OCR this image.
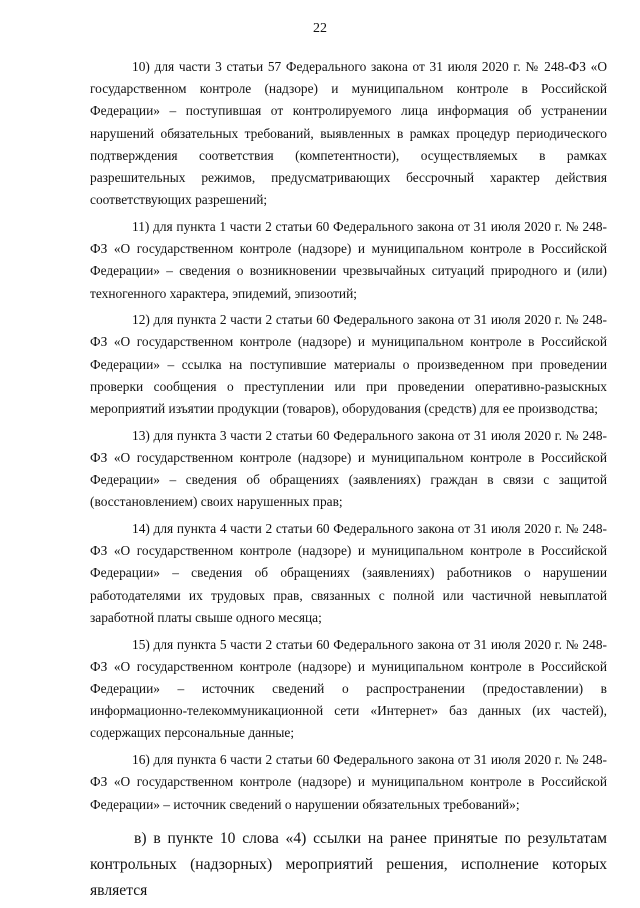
22

10) для части 3 статьи 57 Федерального закона от 31 июля 2020 г. № 248-ФЗ «О государственном контроле (надзоре) и муниципальном контроле в Российской Федерации» – поступившая от контролируемого лица информация об устранении нарушений обязательных требований, выявленных в рамках процедур периодического подтверждения соответствия (компетентности), осуществляемых в рамках разрешительных режимов, предусматривающих бессрочный характер действия соответствующих разрешений;

11) для пункта 1 части 2 статьи 60 Федерального закона от 31 июля 2020 г. № 248-ФЗ «О государственном контроле (надзоре) и муниципальном контроле в Российской Федерации» – сведения о возникновении чрезвычайных ситуаций природного и (или) техногенного характера, эпидемий, эпизоотий;

12) для пункта 2 части 2 статьи 60 Федерального закона от 31 июля 2020 г. № 248-ФЗ «О государственном контроле (надзоре) и муниципальном контроле в Российской Федерации» – ссылка на поступившие материалы о произведенном при проведении проверки сообщения о преступлении или при проведении оперативно-разыскных мероприятий изъятии продукции (товаров), оборудования (средств) для ее производства;

13) для пункта 3 части 2 статьи 60 Федерального закона от 31 июля 2020 г. № 248-ФЗ «О государственном контроле (надзоре) и муниципальном контроле в Российской Федерации» – сведения об обращениях (заявлениях) граждан в связи с защитой (восстановлением) своих нарушенных прав;

14) для пункта 4 части 2 статьи 60 Федерального закона от 31 июля 2020 г. № 248-ФЗ «О государственном контроле (надзоре) и муниципальном контроле в Российской Федерации» – сведения об обращениях (заявлениях) работников о нарушении работодателями их трудовых прав, связанных с полной или частичной невыплатой заработной платы свыше одного месяца;

15) для пункта 5 части 2 статьи 60 Федерального закона от 31 июля 2020 г. № 248-ФЗ «О государственном контроле (надзоре) и муниципальном контроле в Российской Федерации» – источник сведений о распространении (предоставлении) в информационно-телекоммуникационной сети «Интернет» баз данных (их частей), содержащих персональные данные;

16) для пункта 6 части 2 статьи 60 Федерального закона от 31 июля 2020 г. № 248-ФЗ «О государственном контроле (надзоре) и муниципальном контроле в Российской Федерации» – источник сведений о нарушении обязательных требований»;

в) в пункте 10 слова «4) ссылки на ранее принятые по результатам контрольных (надзорных) мероприятий решения, исполнение которых является
